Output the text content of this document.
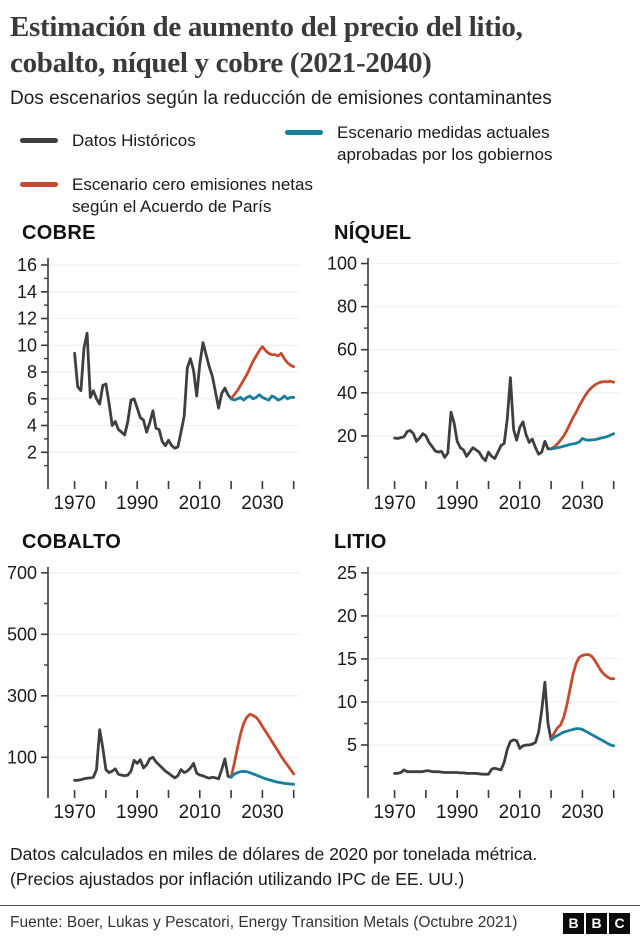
Estimación de aumento del precio del litio,
cobalto, níquel y cobre (2021-2040)

Dos escenarios según la reducción de emisiones contaminantes

Datos Históricos	Escenario medidas actuales
aprobadas por los gobiernos
Escenario cero emisiones netas
según el Acuerdo de París
COBRE
2
4
6
8
10
12
14
16
1970 1990 2010 2030
NÍQUEL
20
40
60
80
100
1970 1990 2010 2030
COBALTO
100
300
500
700
1970 1990 2010 2030
LITIO
5
10
15
20
25
1970 1990 2010 2030

Datos calculados en miles de dólares de 2020 por tonelada métrica.
(Precios ajustados por inflación utilizando IPC de EE. UU.)

Fuente: Boer, Lukas y Pescatori, Energy Transition Metals (Octubre 2021)	B B C
